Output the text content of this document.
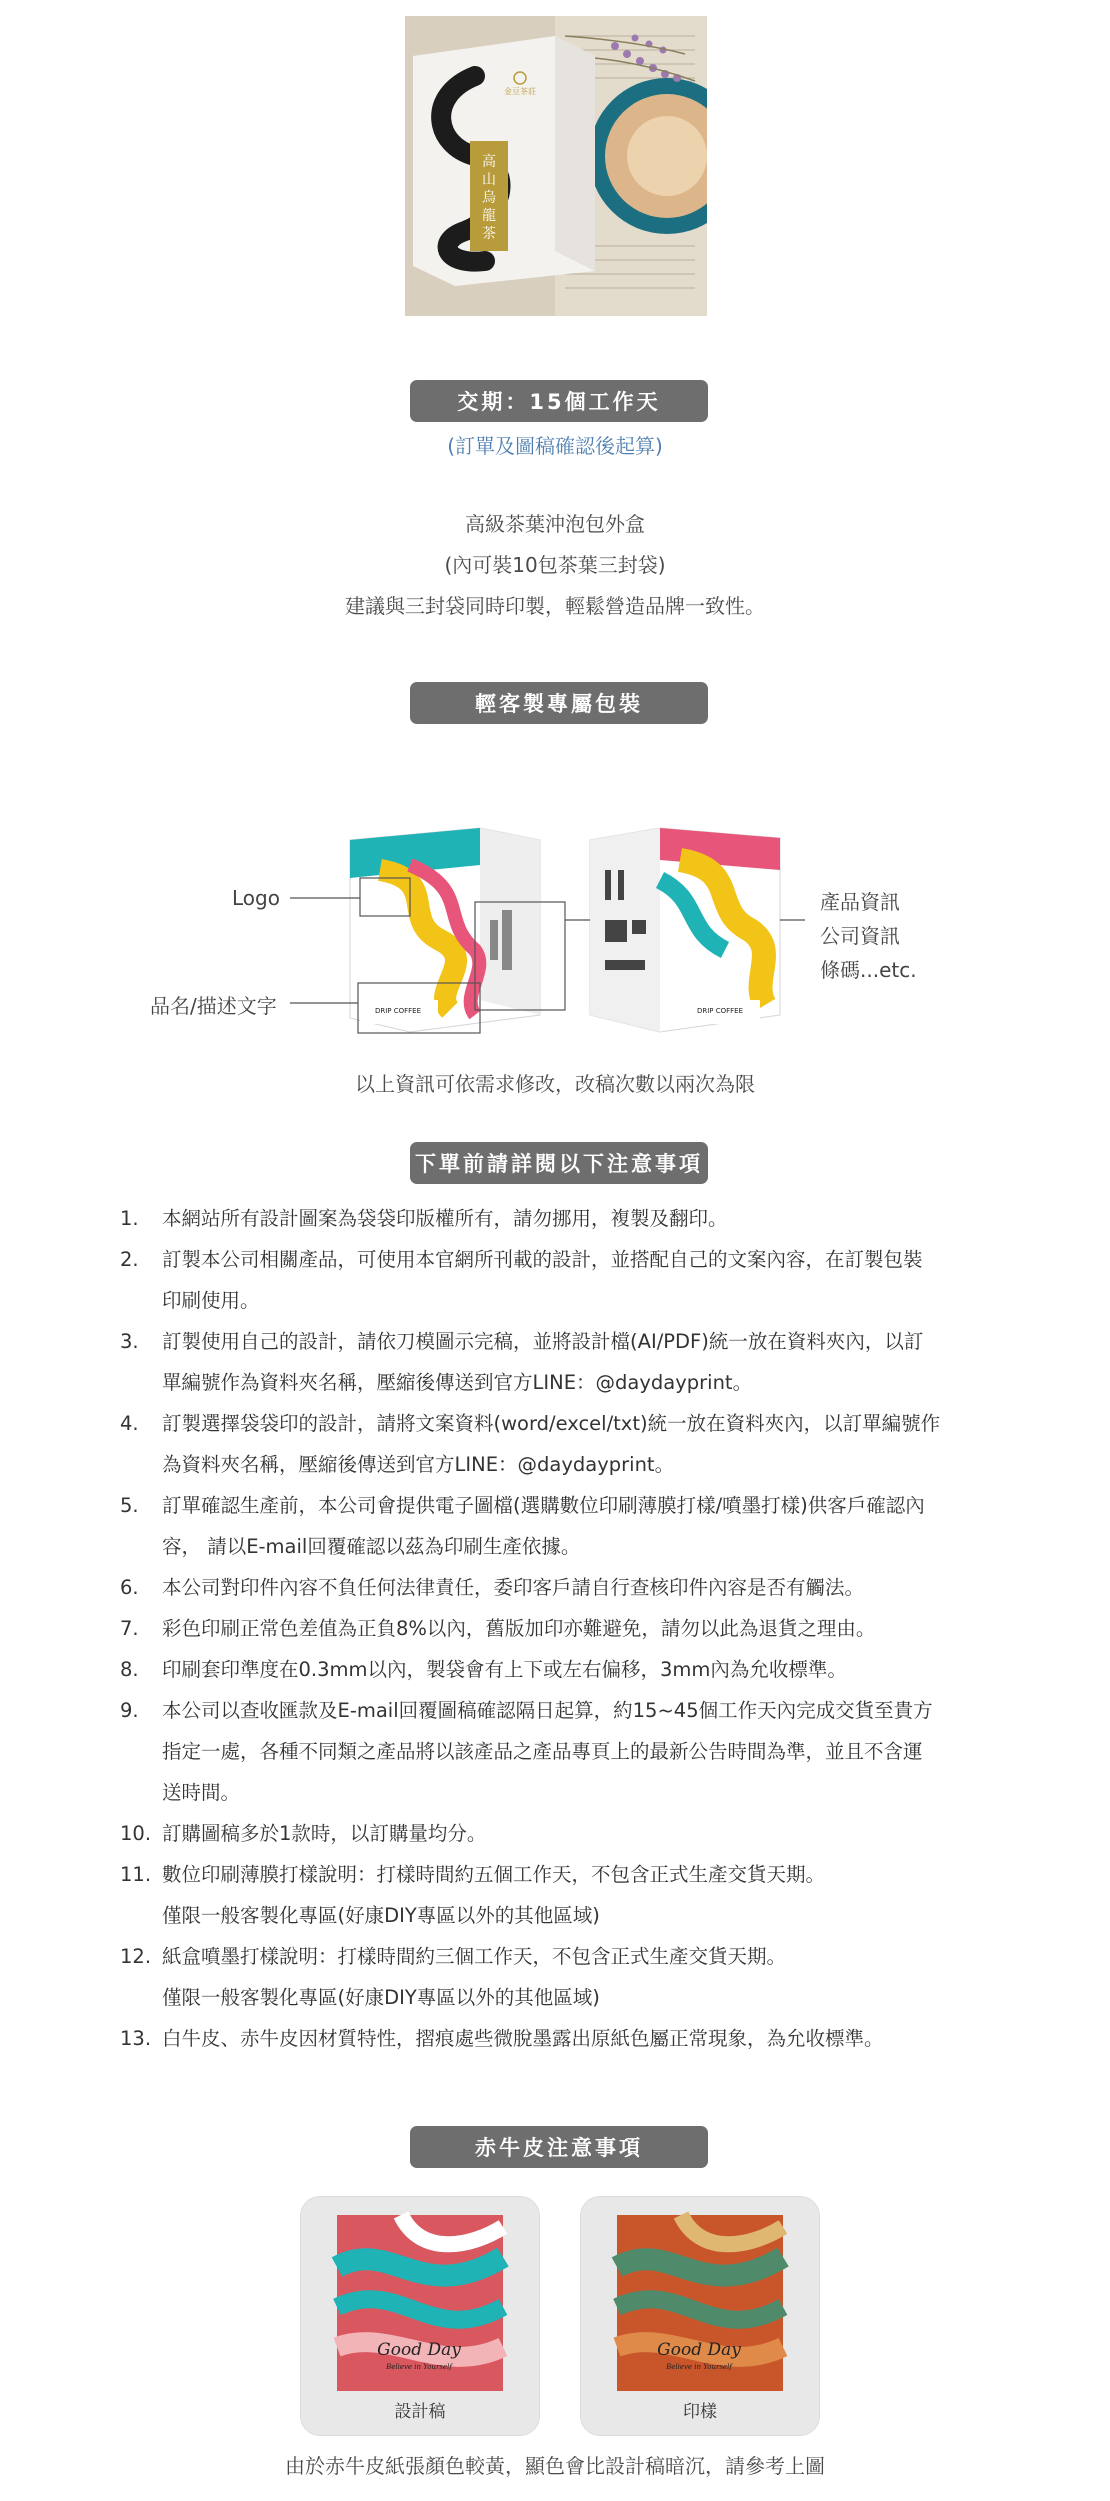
高
山
烏
龍
茶
金豆茶莊
交期：15個工作天
(訂單及圖稿確認後起算)
高級茶葉沖泡包外盒
(內可裝10包茶葉三封袋)
建議與三封袋同時印製，輕鬆營造品牌一致性。
輕客製專屬包裝
DRIP COFFEE	DRIP COFFEE
Logo
品名/描述文字
產品資訊
公司資訊
條碼...etc.
以上資訊可依需求修改，改稿次數以兩次為限
下單前請詳閱以下注意事項
1.	本網站所有設計圖案為袋袋印版權所有，請勿挪用，複製及翻印。
2.	訂製本公司相關產品，可使用本官網所刊載的設計，並搭配自己的文案內容，在訂製包裝
印刷使用。
3.	訂製使用自己的設計，請依刀模圖示完稿，並將設計檔(AI/PDF)統一放在資料夾內，以訂
單編號作為資料夾名稱，壓縮後傳送到官方LINE：@daydayprint。
4.	訂製選擇袋袋印的設計，請將文案資料(word/excel/txt)統一放在資料夾內，以訂單編號作
為資料夾名稱，壓縮後傳送到官方LINE：@daydayprint。
5.	訂單確認生產前，本公司會提供電子圖檔(選購數位印刷薄膜打樣/噴墨打樣)供客戶確認內
容， 請以E-mail回覆確認以茲為印刷生產依據。
6.	本公司對印件內容不負任何法律責任，委印客戶請自行查核印件內容是否有觸法。
7.	彩色印刷正常色差值為正負8%以內，舊版加印亦難避免，請勿以此為退貨之理由。
8.	印刷套印準度在0.3mm以內，製袋會有上下或左右偏移，3mm內為允收標準。
9.	本公司以查收匯款及E-mail回覆圖稿確認隔日起算，約15~45個工作天內完成交貨至貴方
指定一處，各種不同類之產品將以該產品之產品專頁上的最新公告時間為準，並且不含運
送時間。
10. 訂購圖稿多於1款時，以訂購量均分。
11. 數位印刷薄膜打樣說明：打樣時間約五個工作天，不包含正式生產交貨天期。
僅限一般客製化專區(好康DIY專區以外的其他區域)
12. 紙盒噴墨打樣說明：打樣時間約三個工作天，不包含正式生產交貨天期。
僅限一般客製化專區(好康DIY專區以外的其他區域)
13. 白牛皮、赤牛皮因材質特性，摺痕處些微脫墨露出原紙色屬正常現象，為允收標準。
赤牛皮注意事項
Good Day
Believe in Yourself
設計稿
Good Day
Believe in Yourself
印樣
由於赤牛皮紙張顏色較黃，顯色會比設計稿暗沉，請參考上圖
